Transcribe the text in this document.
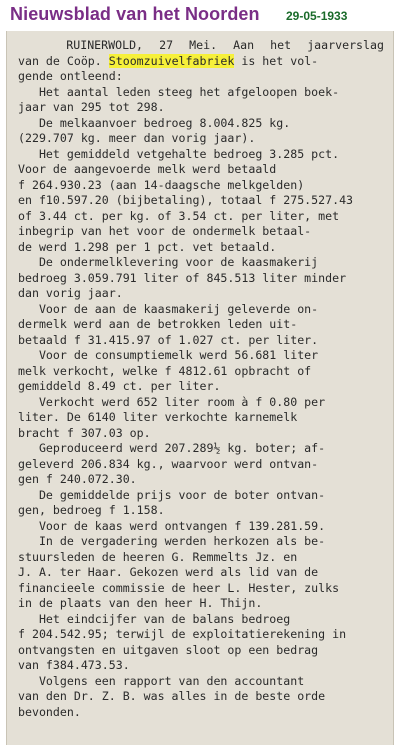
Nieuwsblad van het Noorden 29-05-1933
RUINERWOLD, 27 Mei. Aan het jaarverslag
van de Coöp. Stoomzuivelfabriek is het vol-
gende ontleend:
Het aantal leden steeg het afgeloopen boek-
jaar van 295 tot 298.
De melkaanvoer bedroeg 8.004.825 kg.
(229.707 kg. meer dan vorig jaar).
Het gemiddeld vetgehalte bedroeg 3.285 pct.
Voor de aangevoerde melk werd betaald
f 264.930.23 (aan 14-daagsche melkgelden)
en f10.597.20 (bijbetaling), totaal f 275.527.43
of 3.44 ct. per kg. of 3.54 ct. per liter, met
inbegrip van het voor de ondermelk betaal-
de werd 1.298 per 1 pct. vet betaald.
De ondermelklevering voor de kaasmakerij
bedroeg 3.059.791 liter of 845.513 liter minder
dan vorig jaar.
Voor de aan de kaasmakerij geleverde on-
dermelk werd aan de betrokken leden uit-
betaald f 31.415.97 of 1.027 ct. per liter.
Voor de consumptiemelk werd 56.681 liter
melk verkocht, welke f 4812.61 opbracht of
gemiddeld 8.49 ct. per liter.
Verkocht werd 652 liter room à f 0.80 per
liter. De 6140 liter verkochte karnemelk
bracht f 307.03 op.
Geproduceerd werd 207.289½ kg. boter; af-
geleverd 206.834 kg., waarvoor werd ontvan-
gen f 240.072.30.
De gemiddelde prijs voor de boter ontvan-
gen, bedroeg f 1.158.
Voor de kaas werd ontvangen f 139.281.59.
In de vergadering werden herkozen als be-
stuursleden de heeren G. Remmelts Jz. en
J. A. ter Haar. Gekozen werd als lid van de
financieele commissie de heer L. Hester, zulks
in de plaats van den heer H. Thijn.
Het eindcijfer van de balans bedroeg
f 204.542.95; terwijl de exploitatierekening in
ontvangsten en uitgaven sloot op een bedrag
van f384.473.53.
Volgens een rapport van den accountant
van den Dr. Z. B. was alles in de beste orde
bevonden.
